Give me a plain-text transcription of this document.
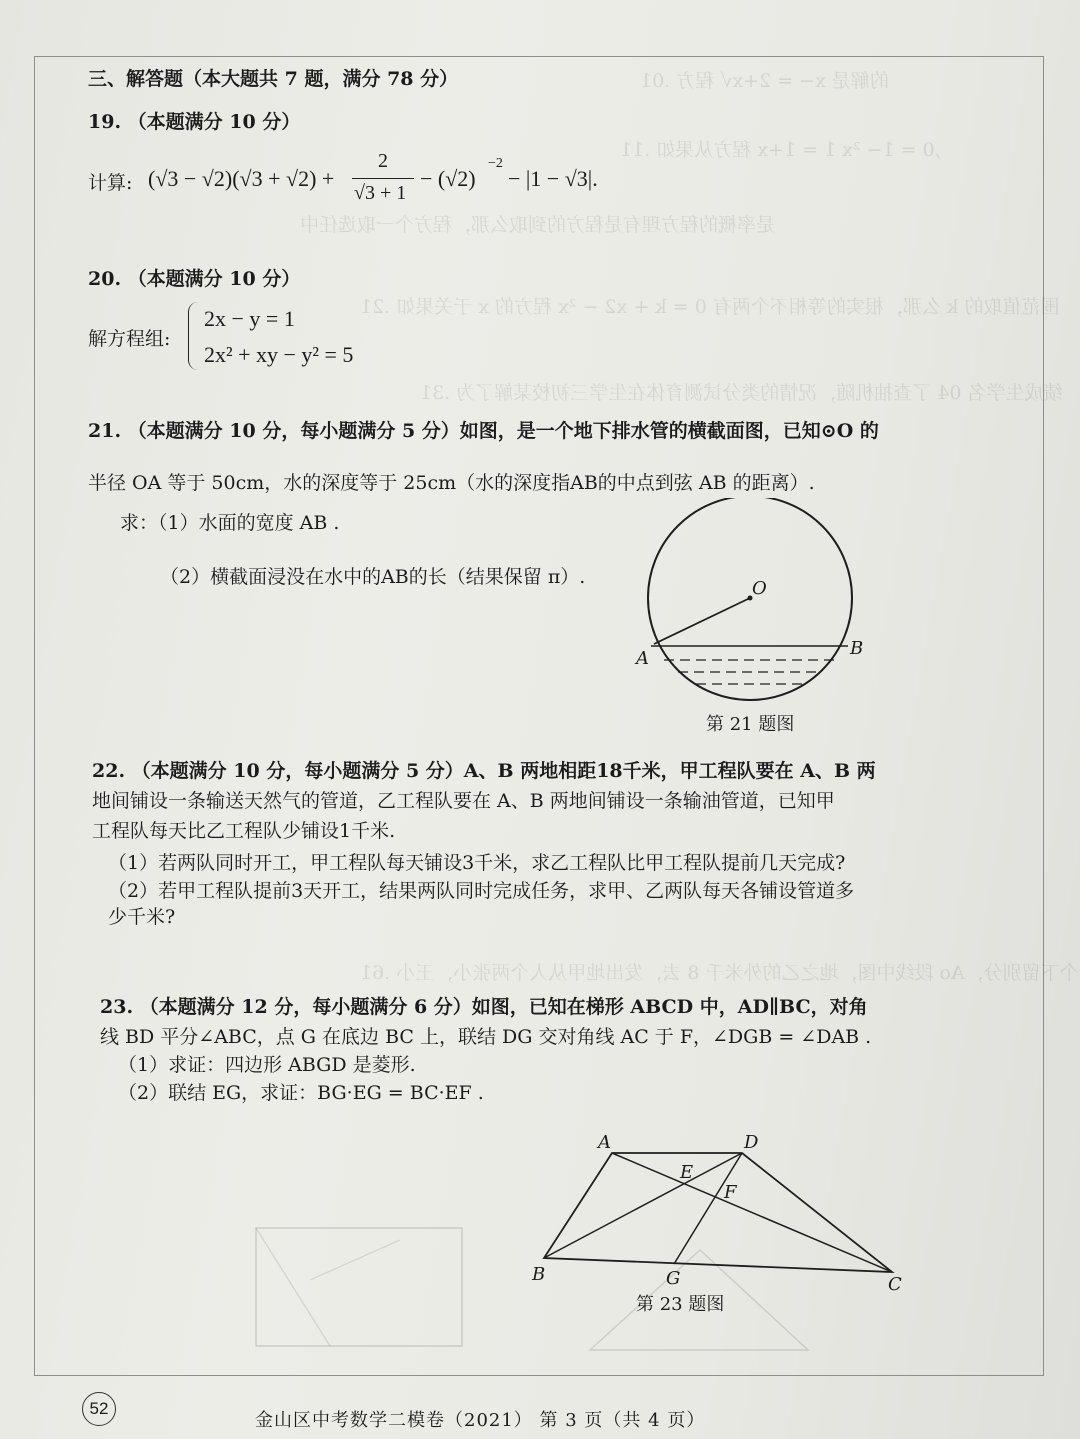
的解是 x− = 2+x√ 程方 .01
,0 = 1− ²x 1 = 1+x 程方从果如 .11
是率概的程方理有是程方的到取么那，程方个一取选任中
围范值取的 k 么那，根实的等相不个两有 0 = k + x2 − ²x 程方的 x 于关果如 .21
绩成生学名 04 了查抽机随，况情的类分试测育体在生学三初校某解了为 .31
个下留别分，Ao 段线中图，地之乙的外米千 8 去，发出地甲从人个两张小，王小 .61
三、解答题（本大题共 7 题，满分 78 分）
19. （本题满分 10 分）
计算: (√3 − √2)(√3 + √2) +
2
√3 + 1
− (√2)
−2
− |1 − √3|.
20. （本题满分 10 分）
解方程组:
2x − y = 1
2x² + xy − y² = 5
21. （本题满分 10 分，每小题满分 5 分）如图，是一个地下排水管的横截面图，已知⊙O 的
半径 OA 等于 50cm，水的深度等于 25cm（水的深度指AB的中点到弦 AB 的距离）.
求：（1）水面的宽度 AB .
（2）横截面浸没在水中的AB的长（结果保留 π）.
O
A	B
第 21 题图
22. （本题满分 10 分，每小题满分 5 分）A、B 两地相距18千米，甲工程队要在 A、B 两
地间铺设一条输送天然气的管道，乙工程队要在 A、B 两地间铺设一条输油管道，已知甲
工程队每天比乙工程队少铺设1千米.
（1）若两队同时开工，甲工程队每天铺设3千米，求乙工程队比甲工程队提前几天完成?
（2）若甲工程队提前3天开工，结果两队同时完成任务，求甲、乙两队每天各铺设管道多
少千米?
23. （本题满分 12 分，每小题满分 6 分）如图，已知在梯形 ABCD 中，AD∥BC，对角
线 BD 平分∠ABC，点 G 在底边 BC 上，联结 DG 交对角线 AC 于 F，∠DGB = ∠DAB .
（1）求证：四边形 ABGD 是菱形.
（2）联结 EG，求证：BG·EG = BC·EF .
A	D
E
F
B	G	C
第 23 题图
52
金山区中考数学二模卷（2021） 第 3 页（共 4 页）
